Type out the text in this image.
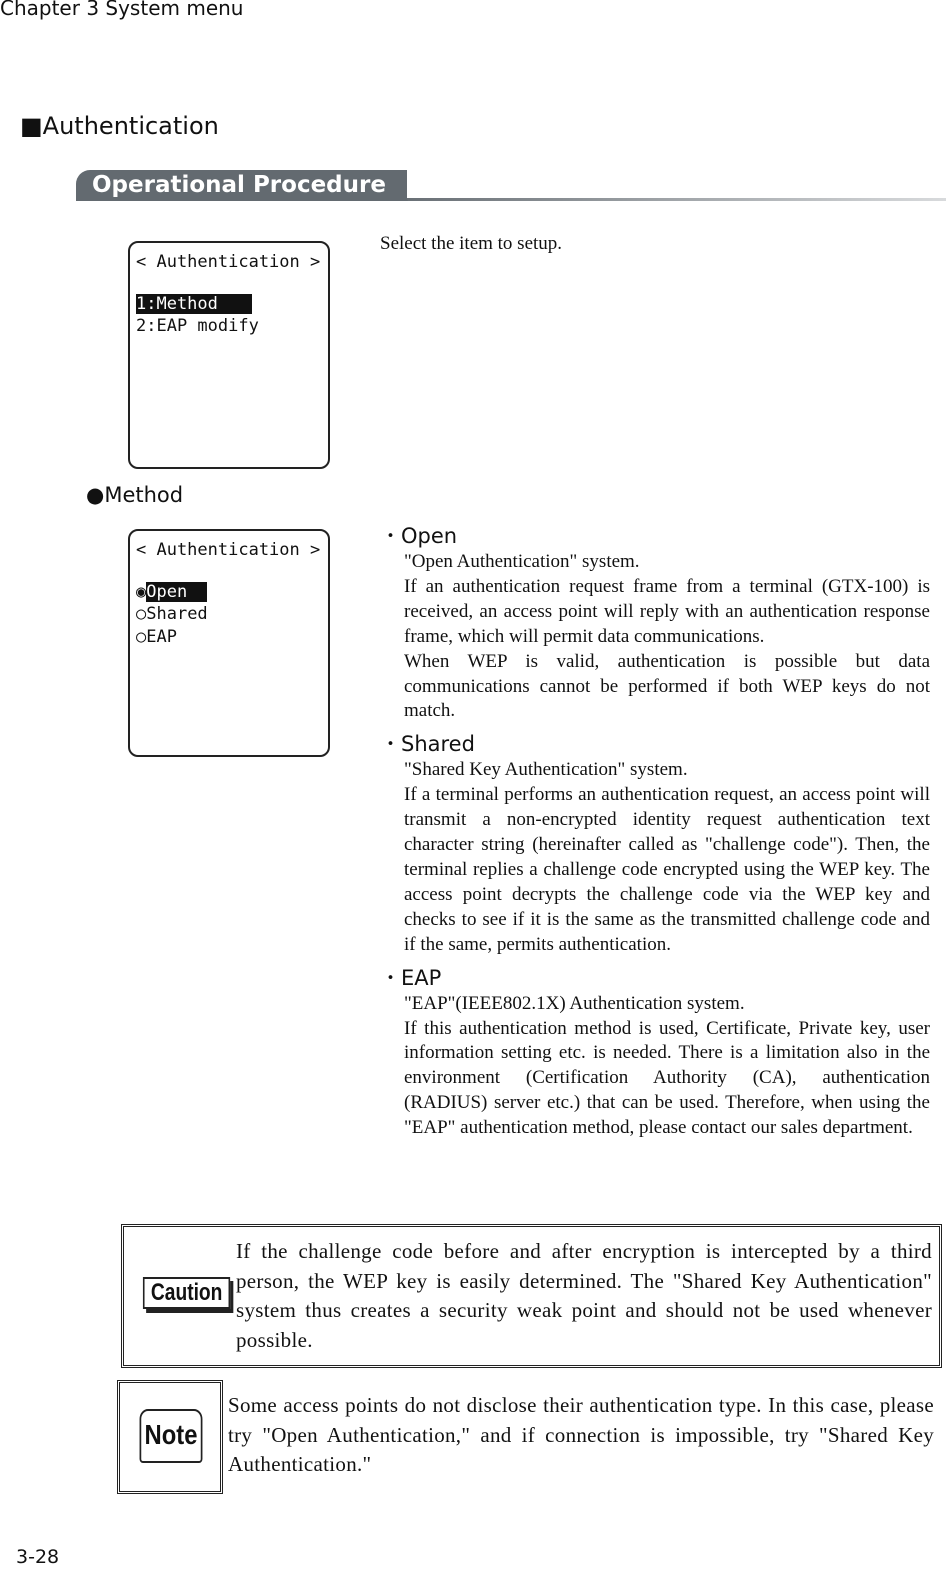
Chapter 3 System menu
■Authentication
Operational Procedure
< Authentication >
1:Method
2:EAP modify
Select the item to setup.
●Method
< Authentication >
◉Open
○Shared
○EAP
・Open
"Open Authentication" system.
If an authentication request frame from a terminal (GTX-100) is received, an access point will reply with an authentication response frame, which will permit data communications.
When WEP is valid, authentication is possible but data communications cannot be performed if both WEP keys do not match.
・Shared
"Shared Key Authentication" system.
If a terminal performs an authentication request, an access point will transmit a non-encrypted identity request authentication text character string (hereinafter called as "challenge code"). Then, the terminal replies a challenge code encrypted using the WEP key. The access point decrypts the challenge code via the WEP key and checks to see if it is the same as the transmitted challenge code and if the same, permits authentication.
・EAP
"EAP"(IEEE802.1X) Authentication system.
If this authentication method is used, Certificate, Private key, user information setting etc. is needed. There is a limitation also in the environment (Certification Authority (CA), authentication (RADIUS) server etc.) that can be used. Therefore, when using the "EAP" authentication method, please contact our sales department.
Caution
If the challenge code before and after encryption is intercepted by a third person, the WEP key is easily determined. The "Shared Key Authentication" system thus creates a security weak point and should not be used whenever possible.
Note
Some access points do not disclose their authentication type. In this case, please try "Open Authentication," and if connection is impossible, try "Shared Key Authentication."
3-28
